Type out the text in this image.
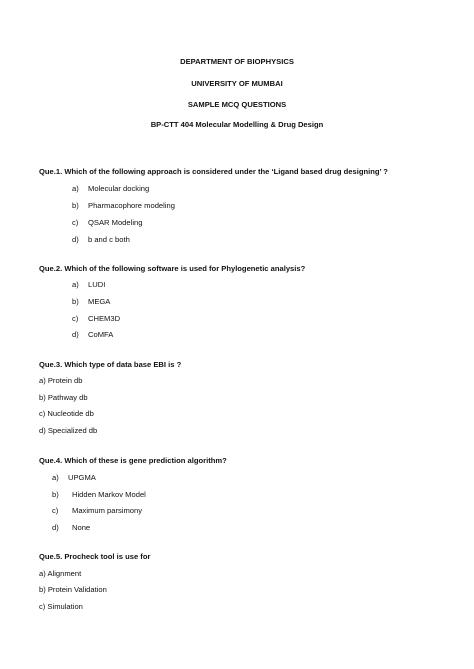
DEPARTMENT OF BIOPHYSICS
UNIVERSITY OF MUMBAI
SAMPLE MCQ QUESTIONS
BP-CTT 404 Molecular Modelling & Drug Design
Que.1. Which of the following approach is considered under the ‘Ligand based drug designing’ ?
a) Molecular docking
b) Pharmacophore modeling
c) QSAR Modeling
d) b and c both
Que.2. Which of the following software is used for Phylogenetic analysis?
a) LUDI
b) MEGA
c) CHEM3D
d) CoMFA
Que.3. Which type of data base EBI is ?
a) Protein db
b) Pathway db
c) Nucleotide db
d) Specialized db
Que.4. Which of these is gene prediction algorithm?
a) UPGMA
b) Hidden Markov Model
c) Maximum parsimony
d) None
Que.5. Procheck tool is use for
a) Alignment
b) Protein Validation
c) Simulation
